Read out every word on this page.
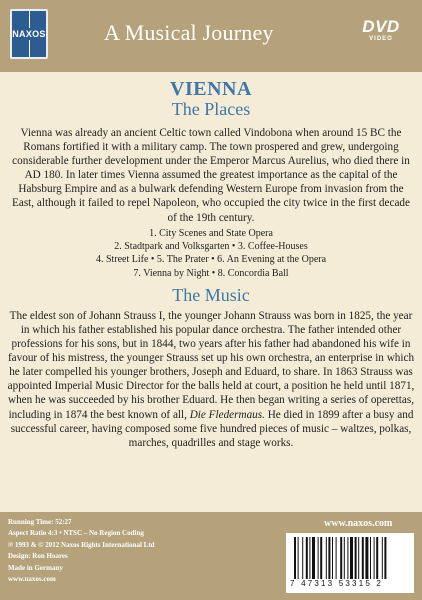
NAXOS	A Musical Journey	DVD
VIDEO
VIENNA
The Places

Vienna was already an ancient Celtic town called Vindobona when around 15 BC the Romans fortified it with a military camp. The town prospered and grew, undergoing considerable further development under the Emperor Marcus Aurelius, who died there in AD 180. In later times Vienna assumed the greatest importance as the capital of the Habsburg Empire and as a bulwark defending Western Europe from invasion from the East, although it failed to repel Napoleon, who occupied the city twice in the first decade of the 19th century.

1. City Scenes and State Opera
2. Stadtpark and Volksgarten • 3. Coffee-Houses
4. Street Life • 5. The Prater • 6. An Evening at the Opera
7. Vienna by Night • 8. Concordia Ball
The Music

The eldest son of Johann Strauss I, the younger Johann Strauss was born in 1825, the year in which his father established his popular dance orchestra. The father intended other professions for his sons, but in 1844, two years after his father had abandoned his wife in favour of his mistress, the younger Strauss set up his own orchestra, an enterprise in which he later compelled his younger brothers, Joseph and Eduard, to share. In 1863 Strauss was appointed Imperial Music Director for the balls held at court, a position he held until 1871, when he was succeeded by his brother Eduard. He then began writing a series of operettas, including in 1874 the best known of all, Die Fledermaus. He died in 1899 after a busy and successful career, having composed some five hundred pieces of music – waltzes, polkas, marches, quadrilles and stage works.

Running Time: 52:27
Aspect Ratio 4:3 • NTSC – No Region Coding
℗ 1993 & © 2012 Naxos Rights International Ltd
Design: Ron Hoares
Made in Germany
www.naxos.com
www.naxos.com
7 47313 53315 2
